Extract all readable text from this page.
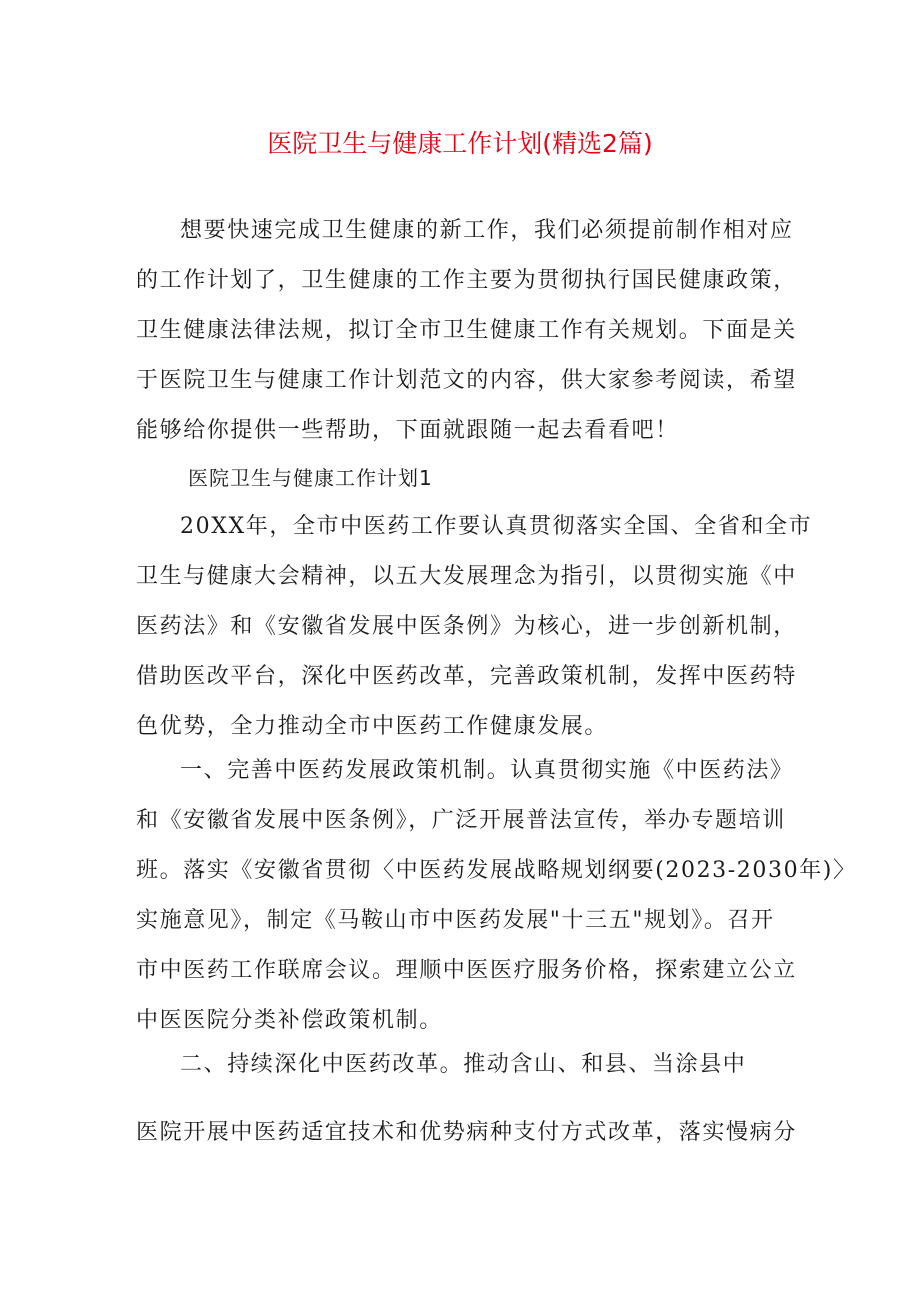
医院卫生与健康工作计划(精选2篇)
想要快速完成卫生健康的新工作，我们必须提前制作相对应
的工作计划了，卫生健康的工作主要为贯彻执行国民健康政策，
卫生健康法律法规，拟订全市卫生健康工作有关规划。下面是关
于医院卫生与健康工作计划范文的内容，供大家参考阅读，希望
能够给你提供一些帮助，下面就跟随一起去看看吧！
医院卫生与健康工作计划1
20XX年，全市中医药工作要认真贯彻落实全国、全省和全市
卫生与健康大会精神，以五大发展理念为指引，以贯彻实施《中
医药法》和《安徽省发展中医条例》为核心，进一步创新机制，
借助医改平台，深化中医药改革，完善政策机制，发挥中医药特
色优势，全力推动全市中医药工作健康发展。
一、完善中医药发展政策机制。认真贯彻实施《中医药法》
和《安徽省发展中医条例》，广泛开展普法宣传，举办专题培训
班。落实《安徽省贯彻〈中医药发展战略规划纲要(2023-2030年)〉
实施意见》，制定《马鞍山市中医药发展"十三五"规划》。召开
市中医药工作联席会议。理顺中医医疗服务价格，探索建立公立
中医医院分类补偿政策机制。
二、持续深化中医药改革。推动含山、和县、当涂县中
医院开展中医药适宜技术和优势病种支付方式改革，落实慢病分
